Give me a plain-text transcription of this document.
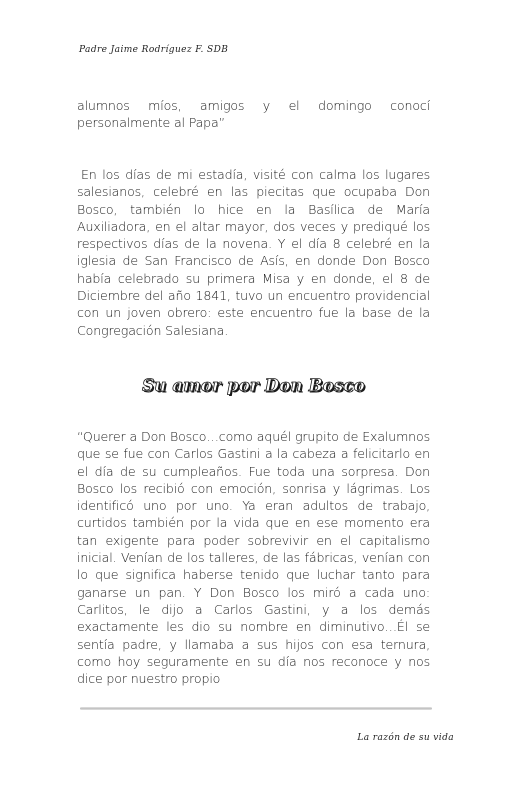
Padre Jaime Rodríguez F. SDB
alumnos míos, amigos y el domingo conocí personalmente al Papa”
En los días de mi estadía, visité con calma los lugares salesianos, celebré en las piecitas que ocupaba Don Bosco, también lo hice en la Basílica de María Auxiliadora, en el altar mayor, dos veces y prediqué los respectivos días de la novena. Y el día 8 celebré en la iglesia de San Francisco de Asís, en donde Don Bosco había celebrado su primera Misa y en donde, el 8 de Diciembre del año 1841, tuvo un encuentro providencial con un joven obrero: este encuentro fue la base de la Congregación Salesiana.
Su amor por Don Bosco
“Querer a Don Bosco…como aquél grupito de Exalumnos que se fue con Carlos Gastini a la cabeza a felicitarlo en el día de su cumpleaños. Fue toda una sorpresa. Don Bosco los recibió con emoción, sonrisa y lágrimas. Los identificó uno por uno. Ya eran adultos de trabajo, curtidos también por la vida que en ese momento era tan exigente para poder sobrevivir en el capitalismo inicial. Venían de los talleres, de las fábricas, venían con lo que significa haberse tenido que luchar tanto para ganarse un pan. Y Don Bosco los miró a cada uno: Carlitos, le dijo a Carlos Gastini, y a los demás exactamente les dio su nombre en diminutivo…Él se sentía padre, y llamaba a sus hijos con esa ternura, como hoy seguramente en su día nos reconoce y nos dice por nuestro propio
La razón de su vida
